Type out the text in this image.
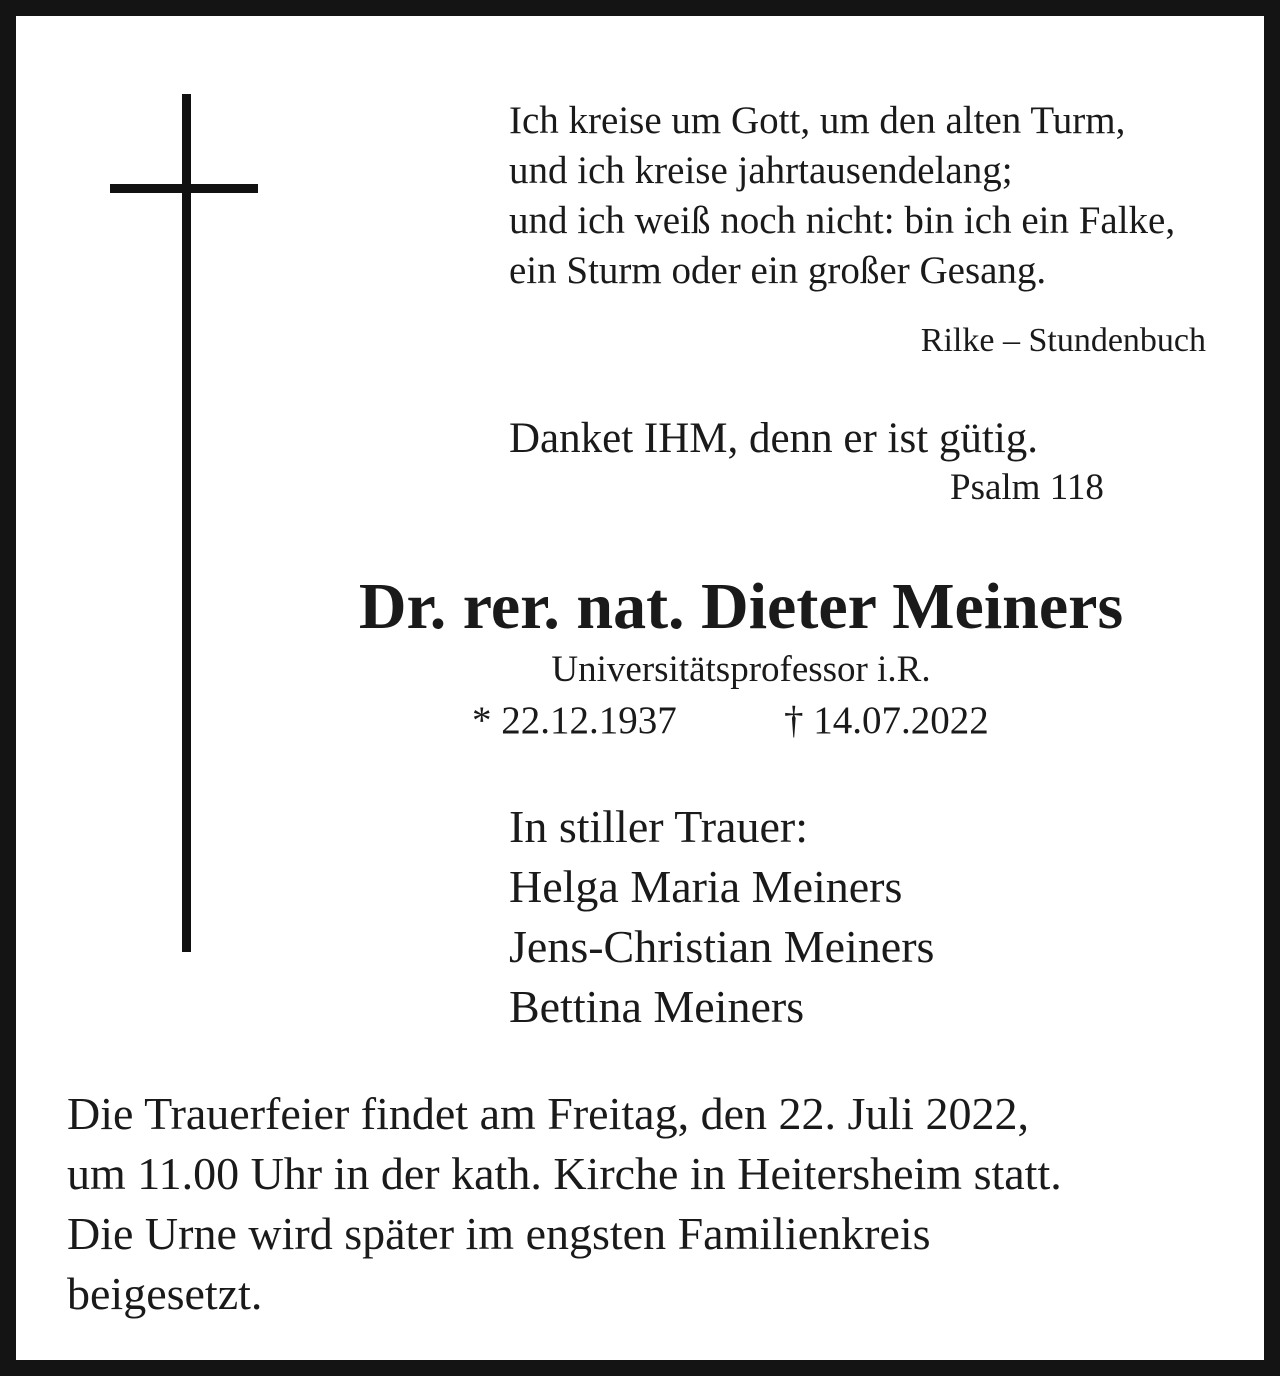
Ich kreise um Gott, um den alten Turm,
und ich kreise jahrtausendelang;
und ich weiß noch nicht: bin ich ein Falke,
ein Sturm oder ein großer Gesang.
Rilke – Stundenbuch
Danket IHM, denn er ist gütig.
Psalm 118
Dr. rer. nat. Dieter Meiners
Universitätsprofessor i.R.
* 22.12.1937	† 14.07.2022
In stiller Trauer:
Helga Maria Meiners
Jens-Christian Meiners
Bettina Meiners
Die Trauerfeier findet am Freitag, den 22. Juli 2022,
um 11.00 Uhr in der kath. Kirche in Heitersheim statt.
Die Urne wird später im engsten Familienkreis
beigesetzt.
